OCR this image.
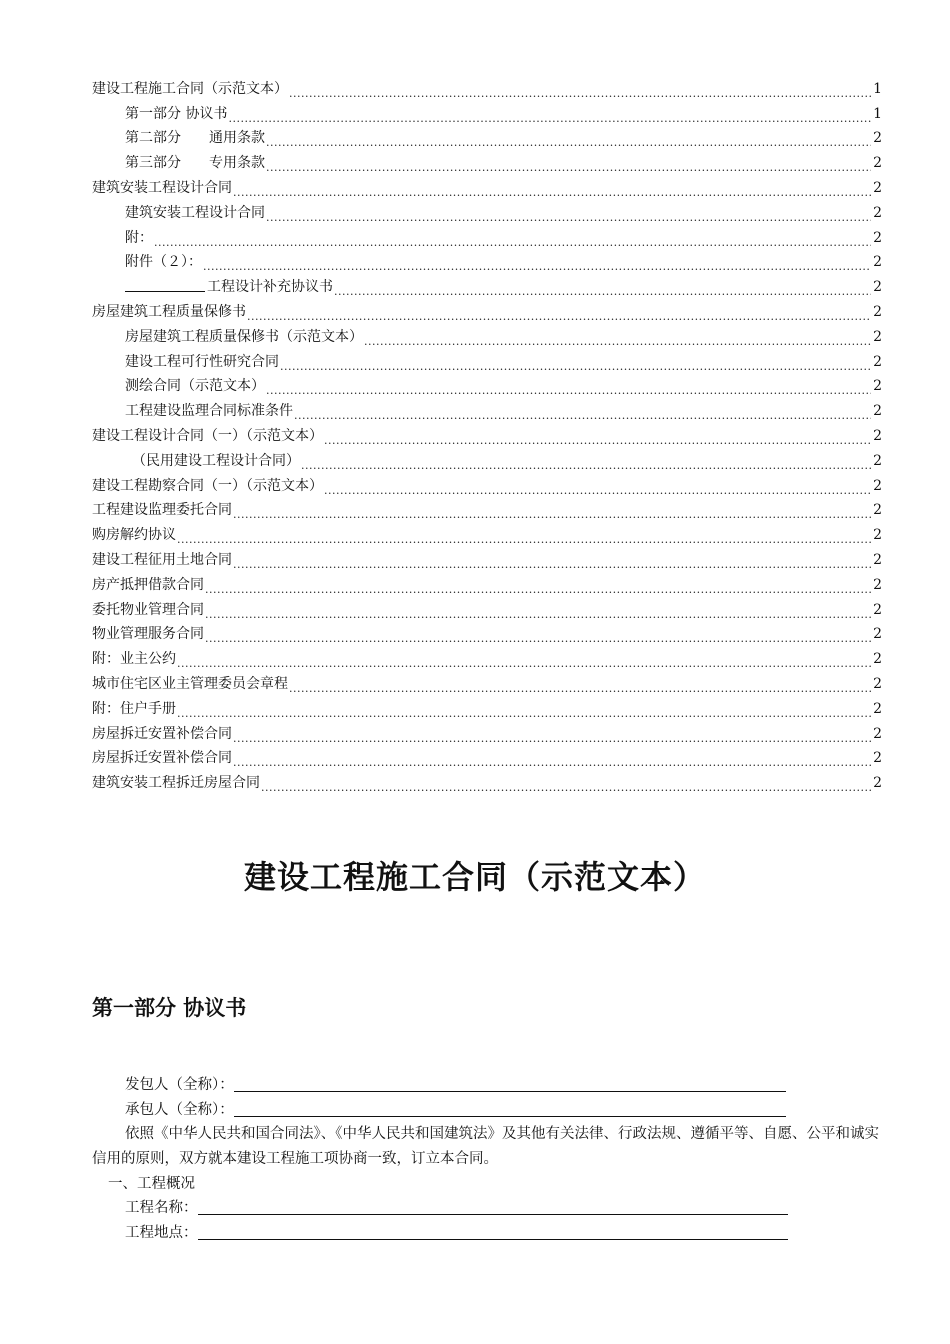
建设工程施工合同（示范文本） .....	1
第一部分 协议书 .....	1
第二部分　　通用条款 .....	2
第三部分　　专用条款 .....	2
建筑安装工程设计合同 .....	2
建筑安装工程设计合同 .....	2
附： .....	2
附件（２）： .....	2
工程设计补充协议书 .....	2
房屋建筑工程质量保修书 .....	2
房屋建筑工程质量保修书（示范文本） .....	2
建设工程可行性研究合同 .....	2
测绘合同（示范文本） .....	2
工程建设监理合同标准条件 .....	2
建设工程设计合同（一）（示范文本） .....	2
（民用建设工程设计合同） .....	2
建设工程勘察合同（一）（示范文本） .....	2
工程建设监理委托合同 .....	2
购房解约协议 .....	2
建设工程征用土地合同 .....	2
房产抵押借款合同 .....	2
委托物业管理合同 .....	2
物业管理服务合同 .....	2
附：业主公约 .....	2
城市住宅区业主管理委员会章程 .....	2
附：住户手册 .....	2
房屋拆迁安置补偿合同 .....	2
房屋拆迁安置补偿合同 .....	2
建筑安装工程拆迁房屋合同 .....	2
建设工程施工合同（示范文本）
第一部分 协议书
发包人（全称）：
承包人（全称）：
依照《中华人民共和国合同法》、《中华人民共和国建筑法》及其他有关法律、行政法规、遵循平等、自愿、公平和诚实信用的原则，双方就本建设工程施工项协商一致，订立本合同。
一、工程概况
工程名称：
工程地点：
